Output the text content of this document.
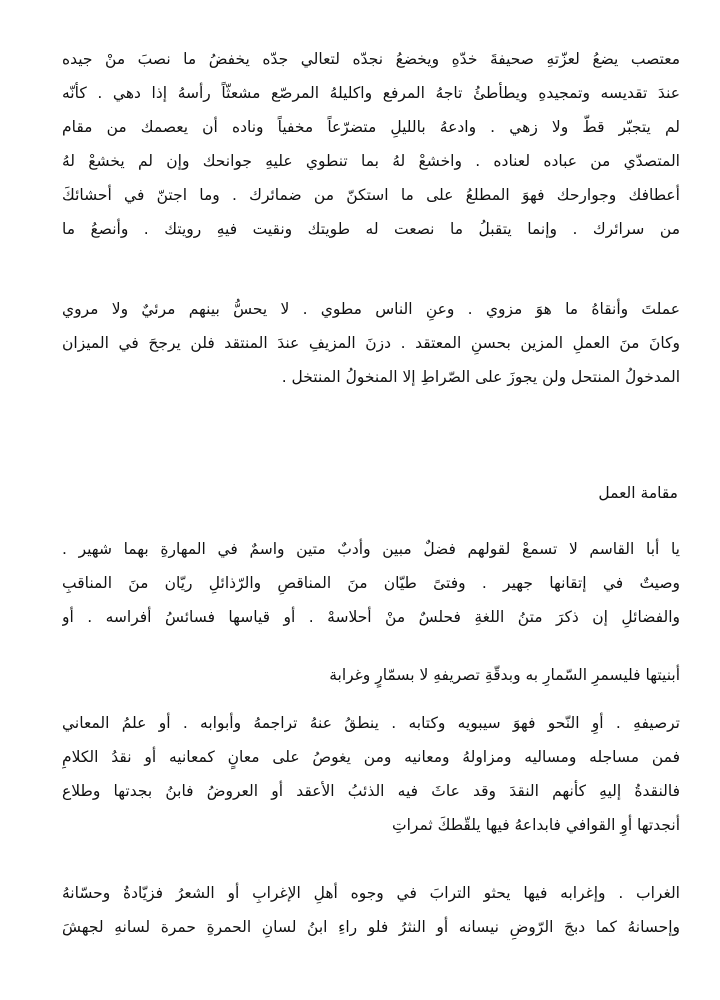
معتصب يضعُ لعزّتهِ صحيفةَ خدّهِ ويخضعُ نجدّه لتعالي جدّه يخفضُ ما نصبَ منْ جيده
عندَ تقديسه وتمجيدهِ ويطأطئُ تاجهُ المرفع واكليلهُ المرصّع مشعثّاً رأسهُ إذا دهي . كأنّه
لم يتجبّر قطّ ولا زهي . وادعهُ بالليلِ متضرّعاً مخفياً وناده أن يعصمك من مقام
المتصدّي من عباده لعناده . واخشعْ لهُ بما تنطوي عليهِ جوانحك وإن لم يخشعْ لهُ
أعطافك وجوارحك فهوَ المطلعُ على ما استكنّ من ضمائرك . وما اجتنّ في أحشائكَ
من سرائرك . وإنما يتقبلُ ما نصعت له طويتك ونقيت فيهِ رويتك . وأنصعُ ما
عملتَ وأنقاهُ ما هوَ مزوي . وعنِ الناس مطوي . لا يحسُّ بينهم مرئيٌ ولا مروي
وكانَ منَ العملِ المزين بحسنِ المعتقد . دزنَ المزيفِ عندَ المنتقد فلن يرجحَ في الميزان
المدخولُ المنتحل ولن يجوزَ على الصّراطِ إلا المنخولُ المنتخل .
مقامة العمل
يا أبا القاسم لا تسمعْ لقولهم فضلٌ مبين وأدبٌ متين واسمٌ في المهارةِ بهما شهير .
وصيتٌ في إتقانها جهير . وفتىً طيّان منَ المناقصِ والرّذائلِ ريّان منَ المناقبِ
والفضائلِ إن ذكرَ متنُ اللغةِ فحلسٌ منْ أحلاسهْ . أو قياسها فسائسُ أفراسه . أو
أبنيتها فليسمرِ السّمارِ به وبدقّةِ تصريفهِ لا بسمّارٍ وغرابة
ترصيفهِ . أوِ النّحو فهوَ سيبويه وكتابه . ينطقُ عنهُ تراجمهُ وأبوابه . أو علمُ المعاني
فمن مساجله ومساليه ومزاولهُ ومعانيه ومن يغوصُ على معانٍ كمعانيه أو نقدُ الكلامِ
فالنقدةُ إليهِ كأنهم النقدَ وقد عاثَ فيه الذئبُ الأعقد أو العروضُ فابنُ بجدتها وطلاع
أنجدتها أوِ القوافي فابداعهُ فيها يلقّطكَ ثمراتِ
الغراب . وإغرابه فيها يحثو الترابَ في وجوه أهلِ الإغرابِ أو الشعرُ فزيّادةُ وحسّانهُ
وإحسانهُ كما دبجَ الرّوضِ نيسانه أو النثرُ فلو راءِ ابنُ لسانِ الحمرةِ حمرة لسانهِ لجهشَ
